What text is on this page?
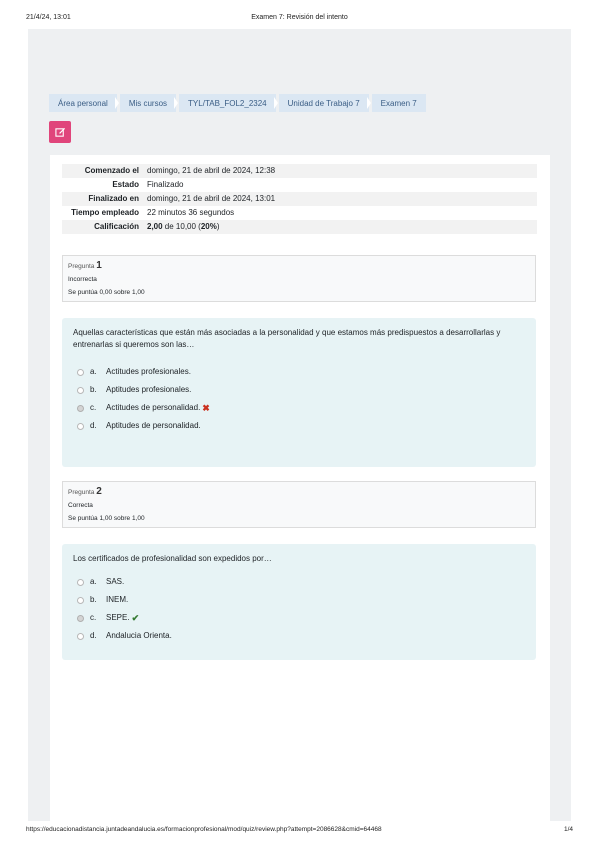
21/4/24, 13:01	Examen 7: Revisión del intento
Área personal	Mis cursos	TYL/TAB_FOL2_2324	Unidad de Trabajo 7	Examen 7
Comenzado el	domingo, 21 de abril de 2024, 12:38
Estado	Finalizado
Finalizado en	domingo, 21 de abril de 2024, 13:01
Tiempo empleado	22 minutos 36 segundos
Calificación	2,00 de 10,00 (20%)
Pregunta 1
Incorrecta
Se puntúa 0,00 sobre 1,00
Aquellas características que están más asociadas a la personalidad y que estamos más predispuestos a desarrollarlas y entrenarlas si queremos son las…
a.	Actitudes profesionales.
b.	Aptitudes profesionales.
c.	Actitudes de personalidad. ✖
d.	Aptitudes de personalidad.
Pregunta 2
Correcta
Se puntúa 1,00 sobre 1,00
Los certificados de profesionalidad son expedidos por…
a.	SAS.
b.	INEM.
c.	SEPE. ✔
d.	Andalucia Orienta.
https://educacionadistancia.juntadeandalucia.es/formacionprofesional/mod/quiz/review.php?attempt=2086628&cmid=64468	1/4
